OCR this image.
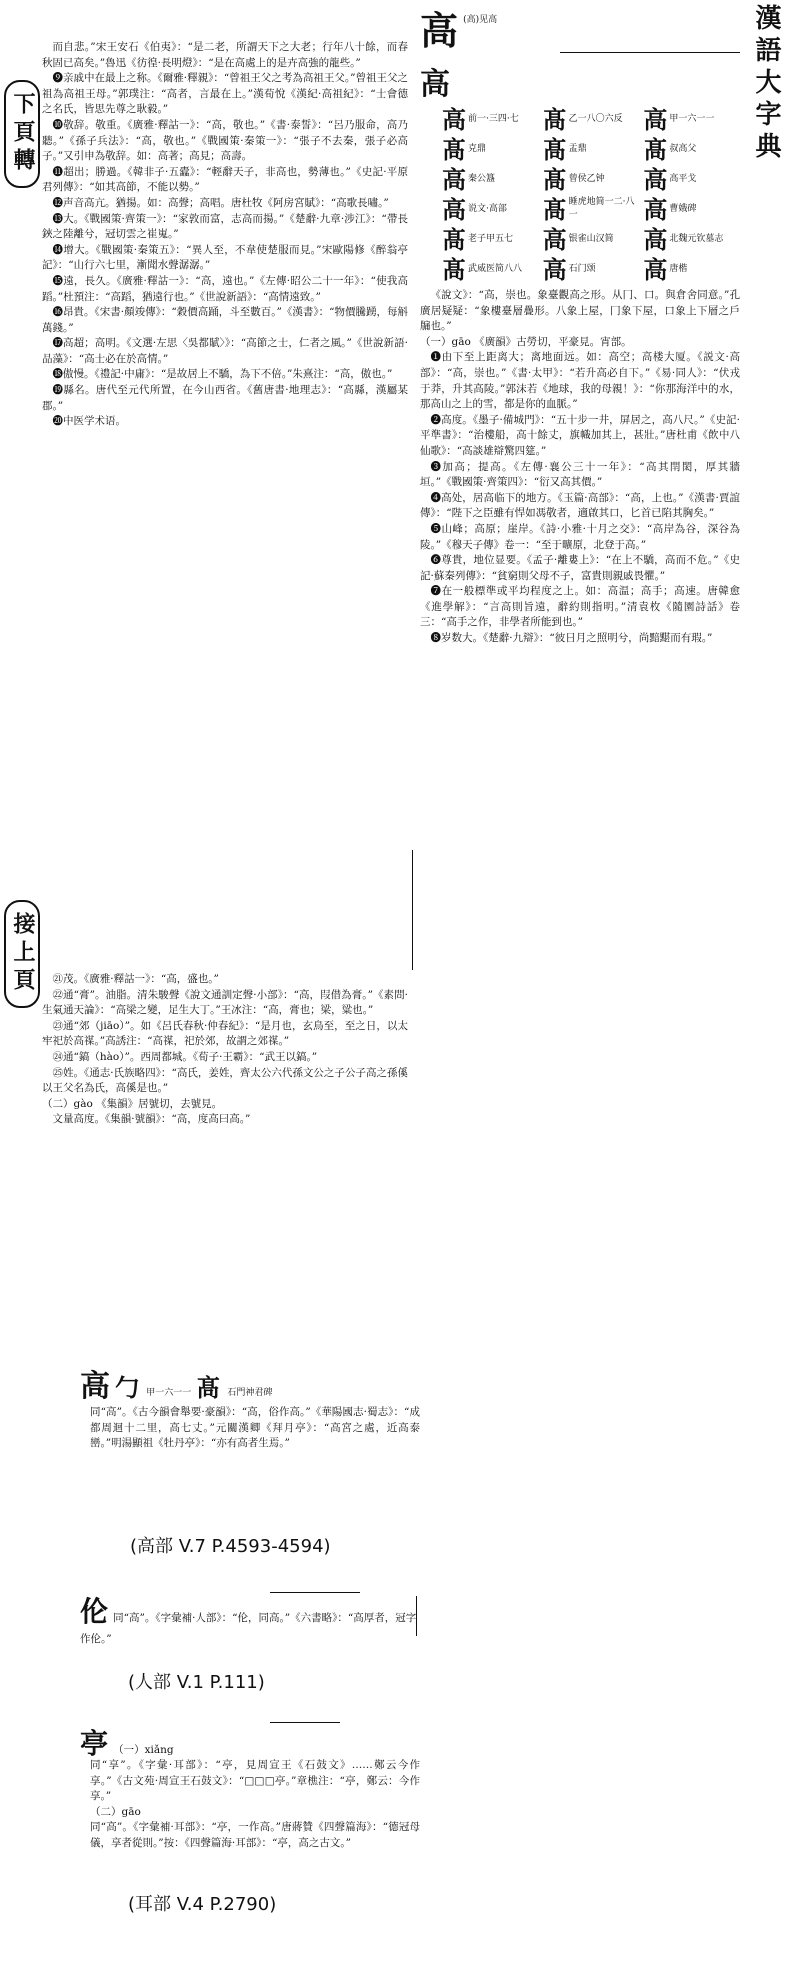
漢語大字典
下頁轉
接上頁
高 $^{(高)见高}$
高
高 前一·三四·七 髙 乙一八〇六反 高 甲一六一一
髙 克鼎 髙 盂鼎 髙 叔高父
高 秦公簋 髙 曾侯乙钟 高 高平戈
高 说文·高部 髙 睡虎地简一二·八一	高 曹娥碑
髙 老子甲五七 高 银雀山汉简 高 北魏元钦墓志
髙 武威医简八八 高 石门颂 高 唐楷

《說文》：“高，崇也。象臺觀高之形。从冂、口。與倉舍同意。”孔廣居疑疑：“象樓臺層疊形。八象上屋，冂象下屋，口象上下層之戶牖也。”

（一）gāo 《廣韻》古勞切，平豪見。宵部。

❶由下至上距离大；离地面远。如：高空；高楼大厦。《説文·高部》：“高，崇也。”《書·太甲》：“若升高必自下。”《易·同人》：“伏戎于莽，升其高陵。”郭沫若《地球，我的母親！》：“你那海洋中的水，那高山之上的雪，都是你的血脈。”

❷高度。《墨子·備城門》：“五十步一井，屏居之，高八尺。”《史記·平準書》：“治樓船，高十餘丈，旗幟加其上，甚壯。”唐杜甫《飲中八仙歌》：“高談雄辯驚四筵。”

❸加高；提高。《左傳·襄公三十一年》：“高其閈閎，厚其牆垣。”《戰國策·齊策四》：“衍又高其價。”

❹高处，居高临下的地方。《玉篇·高部》：“高，上也。”《漢書·賈誼傳》：“陛下之臣雖有悍如馮敬者，適啟其口，匕首已陷其胸矣。”

❺山峰；高原；崖岸。《詩·小雅·十月之交》：“高岸為谷，深谷為陵。”《穆天子傳》卷一：“至于曠原，北登于高。”

❻尊貴，地位显要。《孟子·離婁上》：“在上不驕，高而不危。”《史記·蘇秦列傳》：“貧窮則父母不子，富貴則親戚畏懼。”

❼在一般標準或平均程度之上。如：高温；高手；高速。唐韓愈《進學解》：“言高則旨遠，辭約則指明。”清袁枚《隨園詩話》卷三：“高手之作，非學者所能到也。”

❽岁数大。《楚辭·九辯》：“彼日月之照明兮，尚黯黮而有瑕。”

而自悲。”宋王安石《伯夷》：“是二老，所謂天下之大老；行年八十餘，而春秋固已高矣。”魯迅《彷徨·長明燈》：“是在高處上的是卉高強的龍些。”

❾亲戚中在最上之称。《爾雅·釋親》：“曾祖王父之考為高祖王父。”曾祖王父之祖為高祖王母。”郭璞注：“高者，言最在上。”漢荀悅《漢紀·高祖紀》：“士會德之名氏，皆思先尊之耿毅。”

❿敬辞。敬重。《廣雅·釋詁一》：“高，敬也。”《書·泰誓》：“呂乃服命，高乃聽。”《孫子兵法》：“高，敬也。”《戰國策·秦策一》：“張子不去秦，張子必高子。”又引申為敬辞。如：高著；高見；高壽。

⓫超出；勝過。《韓非子·五蠹》：“輕辭天子，非高也，勢薄也。”《史記·平原君列傳》：“如其高節，不能以勢。”

⓬声音高亢。猶揚。如：高聲；高唱。唐杜牧《阿房宮賦》：“高歌長嘯。”

⓭大。《戰國策·齊策一》：“家敦而富，志高而揚。”《楚辭·九章·涉江》：“帶長鋏之陸離兮，冠切雲之崔嵬。”

⓮增大。《戰國策·秦策五》：“異人至，不韋使楚服而見。”宋歐陽修《醉翁亭記》：“山行六七里，漸聞水聲潺潺。”

⓯遠，長久。《廣雅·釋詁一》：“高，遠也。”《左傳·昭公二十一年》：“使我高蹈。”杜預注：“高蹈，猶遠行也。”《世說新語》：“高情遠致。”

⓰昂貴。《宋書·顏竣傳》：“穀價高踊，斗至數百。”《漢書》：“物價騰踴，每斛萬錢。”

⓱高超；高明。《文選·左思〈吳都賦〉》：“高節之士，仁者之風。”《世說新語·品藻》：“高士必在於高情。”

⓲傲慢。《禮記·中庸》：“是故居上不驕，為下不倍。”朱熹注：“高，傲也。”

⓳縣名。唐代至元代所置，在今山西省。《舊唐書·地理志》：“高縣，漢屬某郡。”

⓴中医学术语。

㉑茂。《廣雅·釋詁一》：“高，盛也。”

㉒通“膏”。油脂。清朱駿聲《說文通訓定聲·小部》：“高，叚借為膏。”《素問·生氣通天論》：“高梁之變，足生大丁。”王冰注：“高，膏也；梁，粱也。”

㉓通“郊（jiāo）”。如《呂氏春秋·仲春紀》：“是月也，玄鳥至，至之日，以太牢祀於高禖。”高誘注：“高禖，祀於郊，故謂之郊禖。”

㉔通“鎬（hào）”。西周都城。《荀子·王霸》：“武王以鎬。”

㉕姓。《通志·氏族略四》：“高氏，姜姓，齊太公六代孫文公之子公子高之孫傒以王父名為氏，高傒是也。”

（二）gào 《集韻》居號切，去號見。

文量高度。《集韻·號韻》：“高，度高曰高。”

高 ⼓ 甲一六一一 髙 石門神君碑

同“高”。《古今韻會舉要·豪韻》：“高，俗作高。”《華陽國志·蜀志》：“成都周迴十二里，高七丈。”元關漢卿《拜月亭》：“高宮之處，近高泰巒。”明湯顯祖《牡丹亭》：“亦有高者生焉。”

(高部 V.7 P.4593-4594)
伦 同“高”。《字彙補·人部》：“伦，同高。”《六書略》：“高厚者，冠字作伦。”
(人部 V.1 P.111)
亭 （一）xiǎng

同“享”。《字彙·耳部》：“亭，見周宣王《石鼓文》……鄭云今作享。”《古文苑·周宣王石鼓文》：“□□□亭。”章樵注：“亭，鄭云：今作享。”

（二）gāo

同“高”。《字彙補·耳部》：“亭，一作高。”唐蔣贊《四聲篇海》：“德冠母儀，享者從則。”按：《四聲篇海·耳部》：“亭，高之古文。”

(耳部 V.4 P.2790)
